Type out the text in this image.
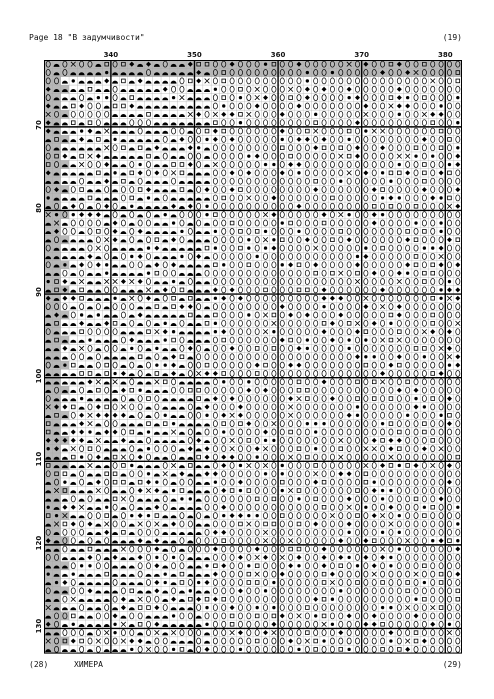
Page 18 "В задумчивости"	(19)
340	350	360	370	380
70
80
90
100
110
120
130
(28)	ХИМЕРА	(29)
